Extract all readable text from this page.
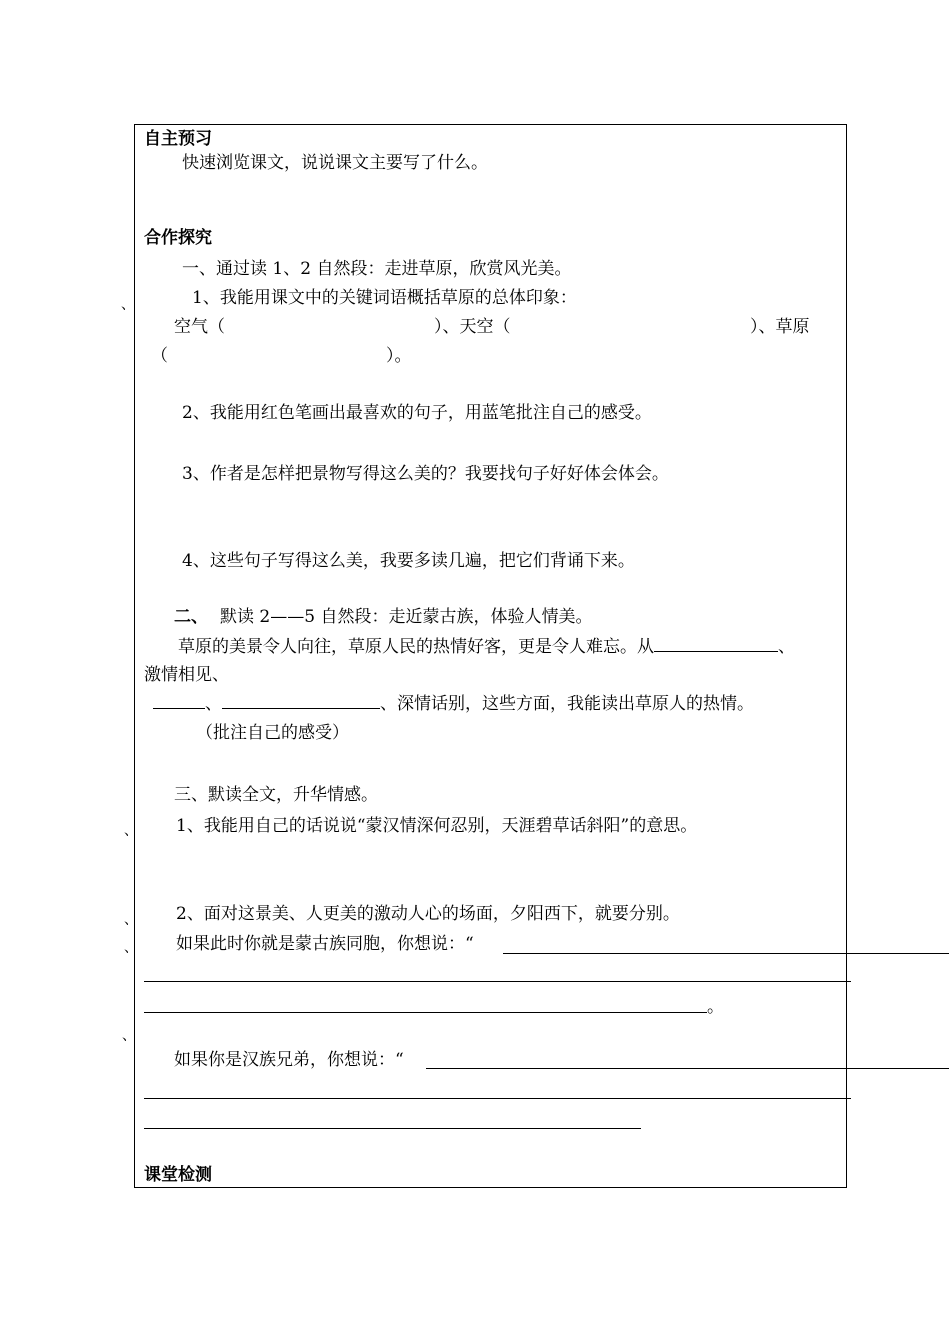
自主预习
快速浏览课文，说说课文主要写了什么。
合作探究
一、通过读 1、2 自然段：走进草原，欣赏风光美。
、	1、我能用课文中的关键词语概括草原的总体印象：
空气（	）、天空（	）、草原
（	）。
2、我能用红色笔画出最喜欢的句子，用蓝笔批注自己的感受。
3、作者是怎样把景物写得这么美的？我要找句子好好体会体会。
4、这些句子写得这么美，我要多读几遍，把它们背诵下来。
二、 默读 2——5 自然段：走近蒙古族，体验人情美。
草原的美景令人向往，草原人民的热情好客，更是令人难忘。从	、
激情相见、
、	、深情话别，这些方面，我能读出草原人的热情。
（批注自己的感受）
三、默读全文，升华情感。
、 1、我能用自己的话说说“蒙汉情深何忍别，天涯碧草话斜阳”的意思。
、 2、面对这景美、人更美的激动人心的场面，夕阳西下，就要分别。
、 如果此时你就是蒙古族同胞，你想说：“
。
、
如果你是汉族兄弟，你想说：“
课堂检测
